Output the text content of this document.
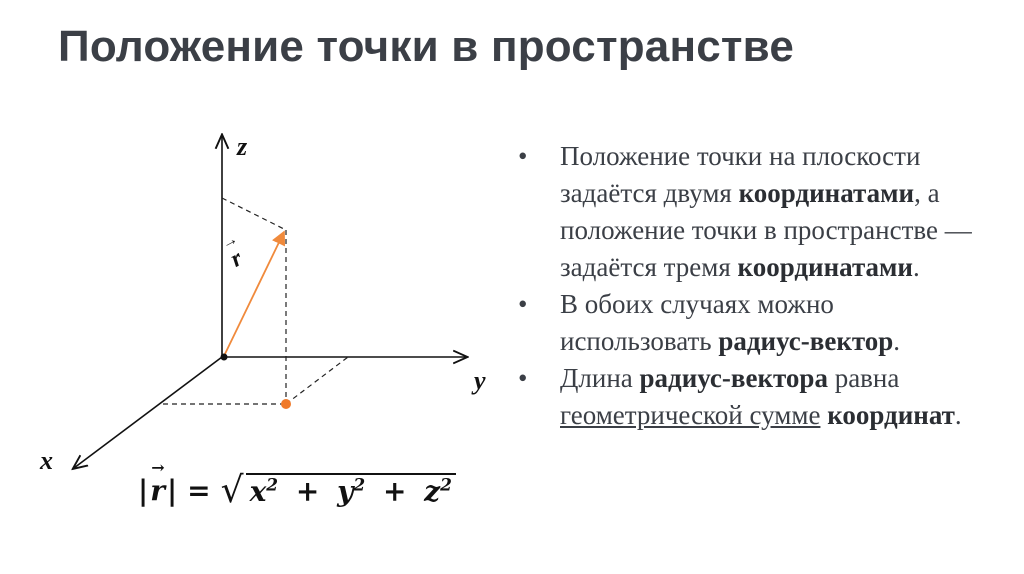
Положение точки в пространстве
z
y
x
→
r
|
→
r | = √ $x^2 + y^2 + z^2$
• Положение точки на плоскости задаётся двумя координатами, а положение точки в пространстве — задаётся тремя координатами.
• В обоих случаях можно использовать радиус-вектор.
• Длина радиус-вектора равна геометрической сумме координат.
